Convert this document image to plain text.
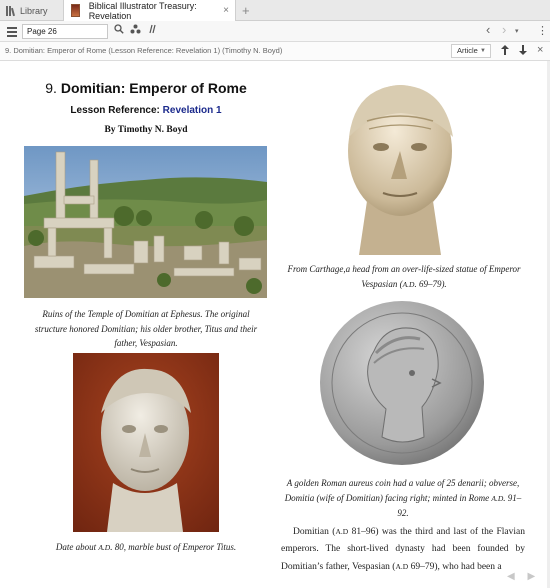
Library	Biblical Illustrator Treasury: Revelation	× +
Page 26
‹ › ▾ ⋮
9. Domitian: Emperor of Rome (Lesson Reference: Revelation 1) (Timothy N. Boyd)	Article ▼	×
9. Domitian: Emperor of Rome
Lesson Reference: Revelation 1
By Timothy N. Boyd
Ruins of the Temple of Domitian at Ephesus. The original structure honored Domitian; his older brother, Titus and their father, Vespasian.
Date about A.D. 80, marble bust of Emperor Titus.
From Carthage,a head from an over-life-sized statue of Emperor Vespasian (A.D. 69–79).
A golden Roman aureus coin had a value of 25 denarii; obverse, Domitia (wife of Domitian) facing right; minted in Rome A.D. 91–92.
Domitian (A.D 81–96) was the third and last of the Flavian emperors. The short-lived dynasty had been founded by Domitian’s father, Vespasian (A.D 69–79), who had been a
◀ ▶
